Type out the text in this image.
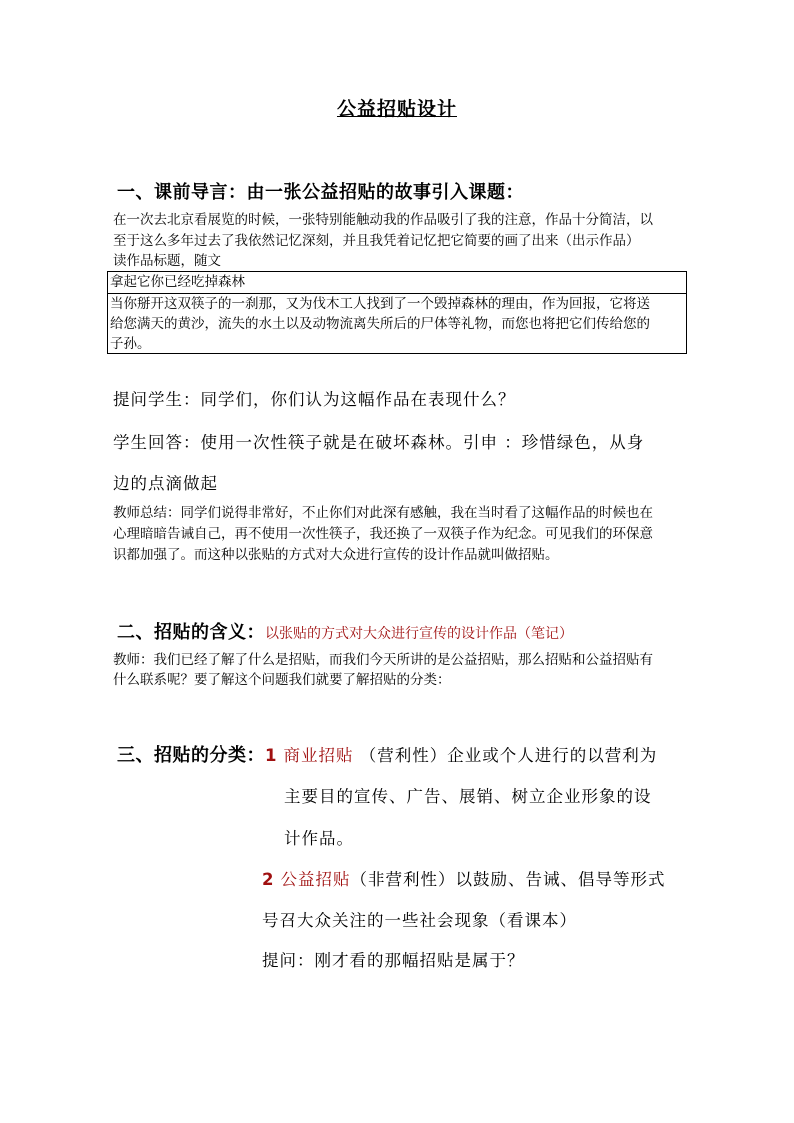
公益招贴设计
一、课前导言：由一张公益招贴的故事引入课题：
在一次去北京看展览的时候，一张特别能触动我的作品吸引了我的注意，作品十分简洁，以
至于这么多年过去了我依然记忆深刻，并且我凭着记忆把它简要的画了出来（出示作品）
读作品标题，随文
拿起它你已经吃掉森林
当你掰开这双筷子的一刹那，又为伐木工人找到了一个毁掉森林的理由，作为回报，它将送
给您满天的黄沙，流失的水土以及动物流离失所后的尸体等礼物，而您也将把它们传给您的
子孙。
提问学生：同学们，你们认为这幅作品在表现什么？
学生回答：使用一次性筷子就是在破坏森林。引申 ：珍惜绿色，从身
边的点滴做起
教师总结：同学们说得非常好，不止你们对此深有感触，我在当时看了这幅作品的时候也在
心理暗暗告诫自己，再不使用一次性筷子，我还换了一双筷子作为纪念。可见我们的环保意
识都加强了。而这种以张贴的方式对大众进行宣传的设计作品就叫做招贴。
二、招贴的含义：以张贴的方式对大众进行宣传的设计作品（笔记）
教师：我们已经了解了什么是招贴，而我们今天所讲的是公益招贴，那么招贴和公益招贴有
什么联系呢？要了解这个问题我们就要了解招贴的分类：
三、招贴的分类：1 商业招贴 （营利性）企业或个人进行的以营利为
主要目的宣传、广告、展销、树立企业形象的设
计作品。
2 公益招贴（非营利性）以鼓励、告诫、倡导等形式
号召大众关注的一些社会现象（看课本）
提问：刚才看的那幅招贴是属于？
